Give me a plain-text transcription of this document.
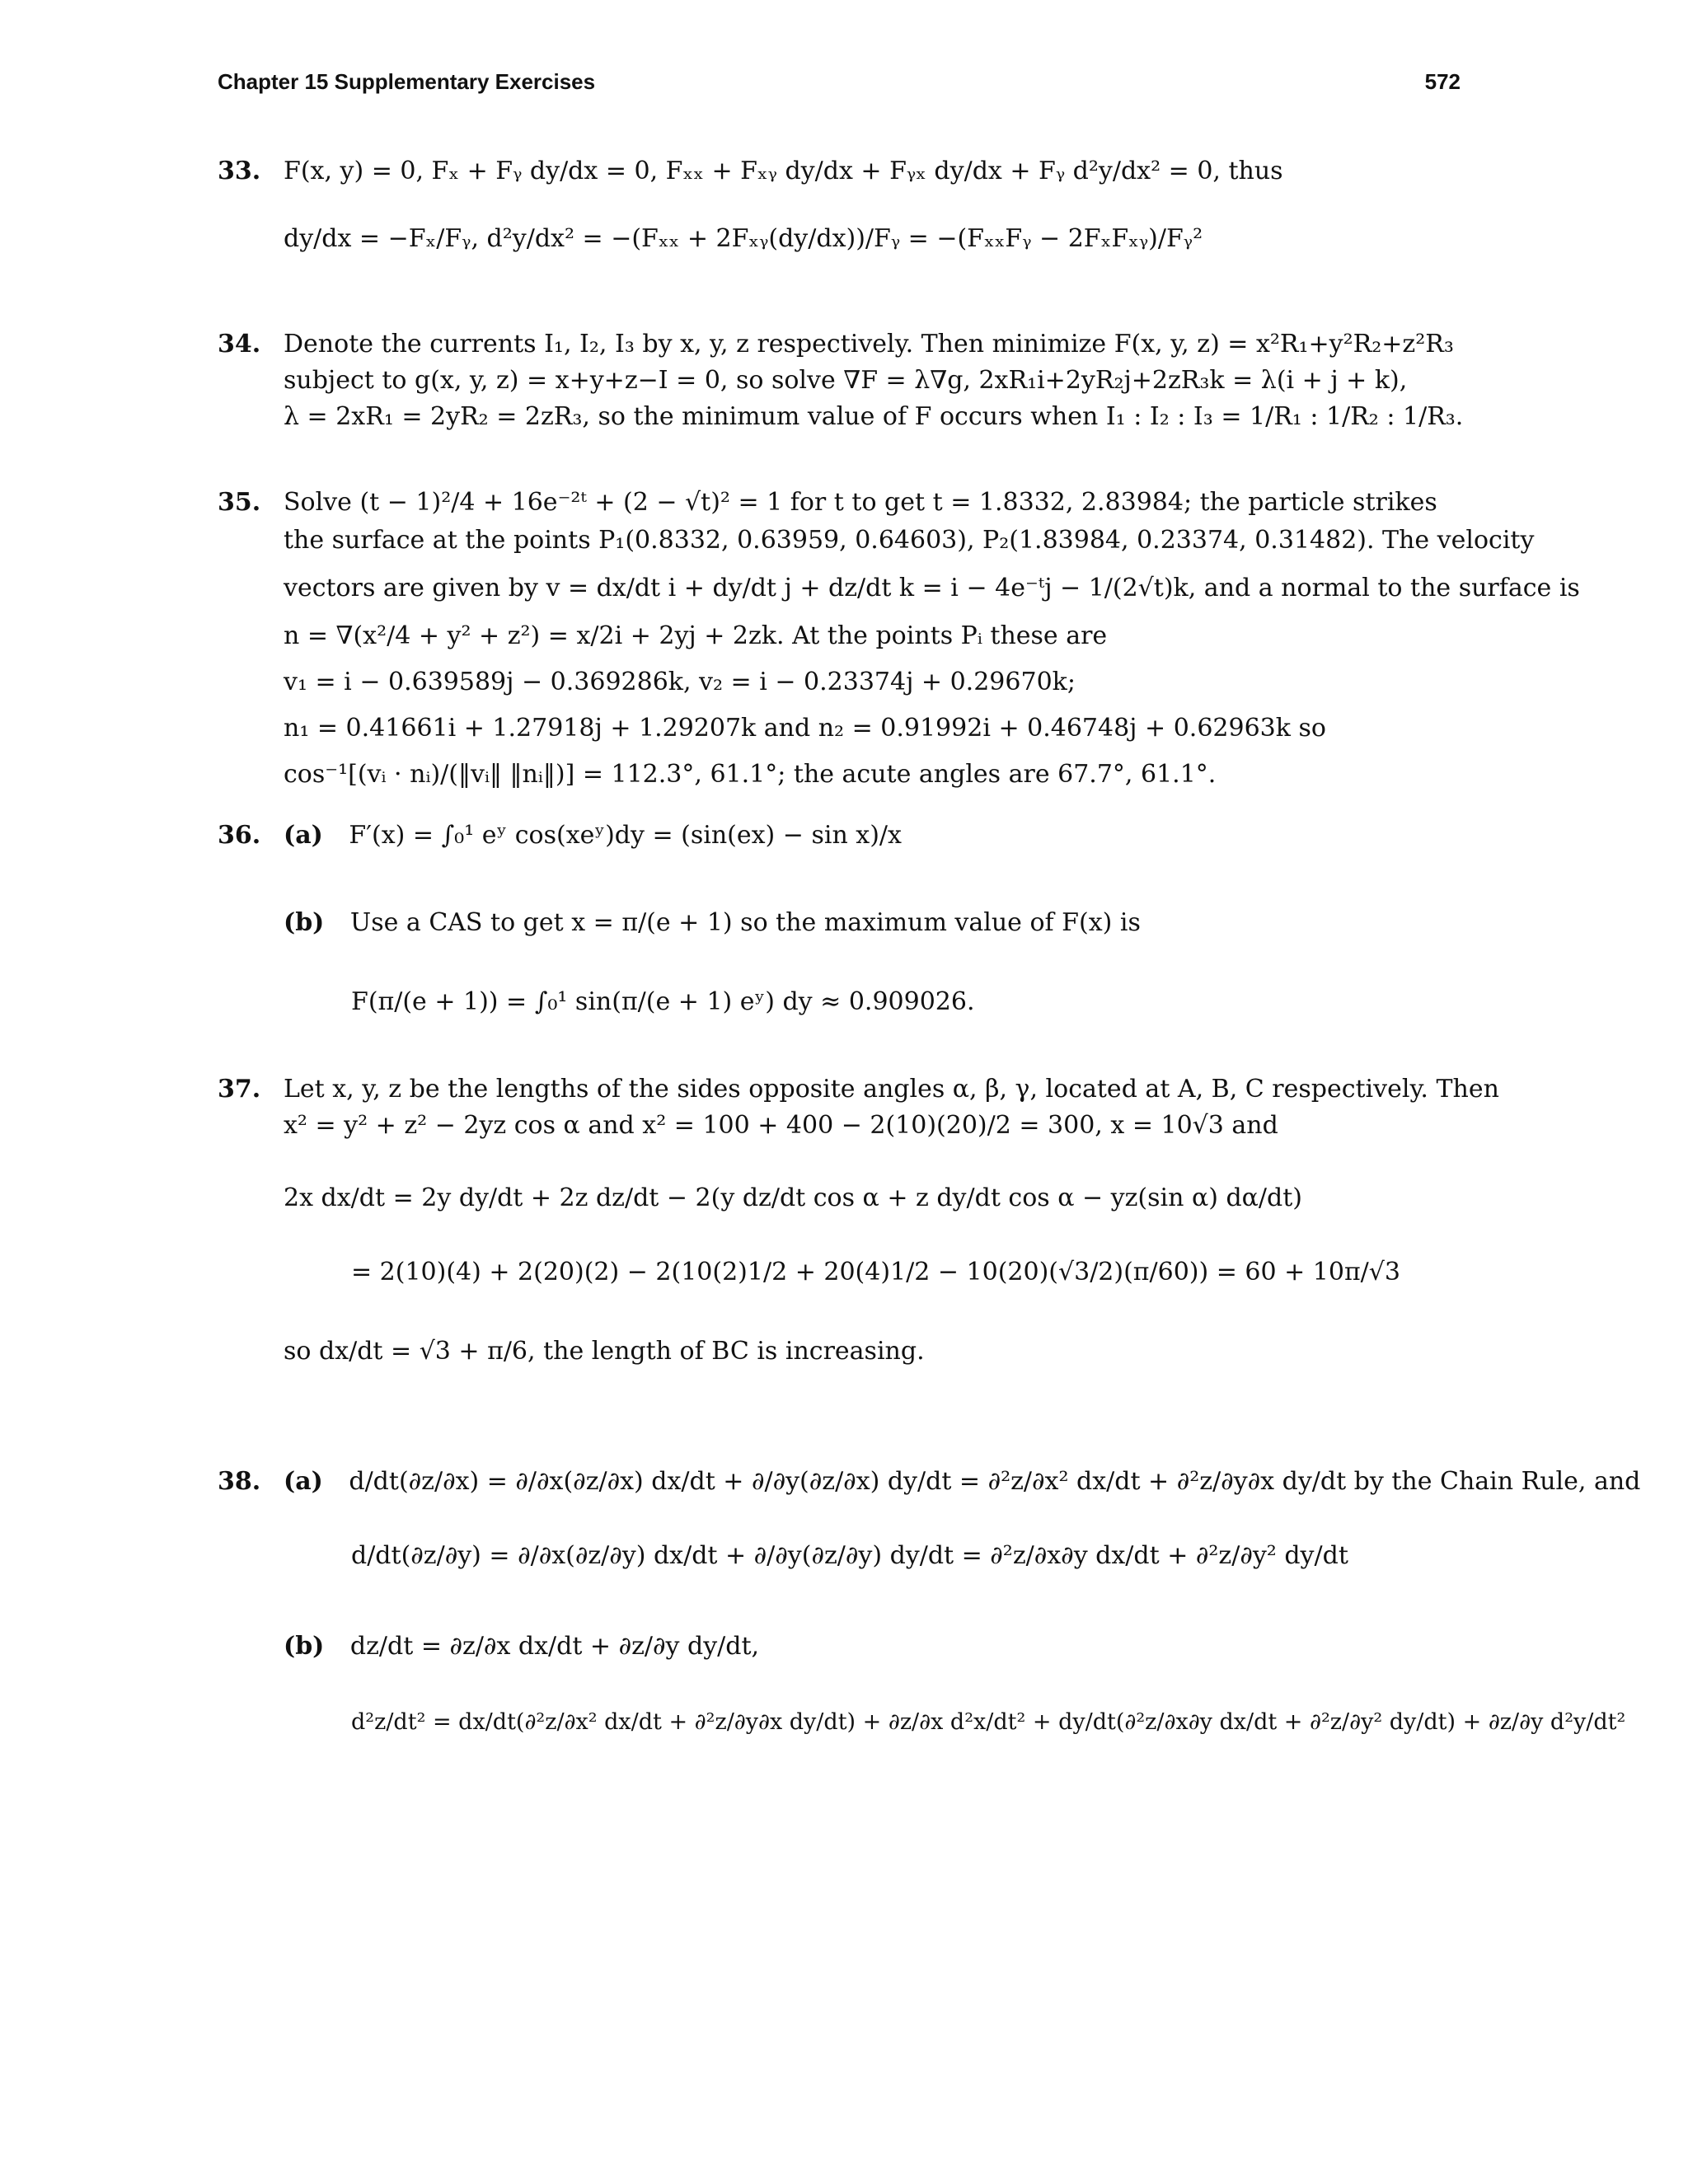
Chapter 15 Supplementary Exercises	572
33. F(x, y) = 0, Fₓ + Fᵧ dy/dx = 0, Fₓₓ + Fₓᵧ dy/dx + Fᵧₓ dy/dx + Fᵧ d²y/dx² = 0, thus
dy/dx = −Fₓ/Fᵧ, d²y/dx² = −(Fₓₓ + 2Fₓᵧ(dy/dx))/Fᵧ = −(FₓₓFᵧ − 2FₓFₓᵧ)/Fᵧ²
34. Denote the currents I₁, I₂, I₃ by x, y, z respectively. Then minimize F(x, y, z) = x²R₁+y²R₂+z²R₃
subject to g(x, y, z) = x+y+z−I = 0, so solve ∇F = λ∇g, 2xR₁i+2yR₂j+2zR₃k = λ(i + j + k),
λ = 2xR₁ = 2yR₂ = 2zR₃, so the minimum value of F occurs when I₁ : I₂ : I₃ = 1/R₁ : 1/R₂ : 1/R₃.
35. Solve (t − 1)²/4 + 16e⁻²ᵗ + (2 − √t)² = 1 for t to get t = 1.8332, 2.83984; the particle strikes
the surface at the points P₁(0.8332, 0.63959, 0.64603), P₂(1.83984, 0.23374, 0.31482). The velocity
vectors are given by v = dx/dt i + dy/dt j + dz/dt k = i − 4e⁻ᵗj − 1/(2√t)k, and a normal to the surface is
n = ∇(x²/4 + y² + z²) = x/2i + 2yj + 2zk. At the points Pᵢ these are
v₁ = i − 0.639589j − 0.369286k, v₂ = i − 0.23374j + 0.29670k;
n₁ = 0.41661i + 1.27918j + 1.29207k and n₂ = 0.91992i + 0.46748j + 0.62963k so
cos⁻¹[(vᵢ · nᵢ)/(‖vᵢ‖ ‖nᵢ‖)] = 112.3°, 61.1°; the acute angles are 67.7°, 61.1°.
36. (a) F′(x) = ∫₀¹ eʸ cos(xeʸ)dy = (sin(ex) − sin x)/x
(b) Use a CAS to get x = π/(e + 1) so the maximum value of F(x) is
F(π/(e + 1)) = ∫₀¹ sin(π/(e + 1) eʸ) dy ≈ 0.909026.
37. Let x, y, z be the lengths of the sides opposite angles α, β, γ, located at A, B, C respectively. Then
x² = y² + z² − 2yz cos α and x² = 100 + 400 − 2(10)(20)/2 = 300, x = 10√3 and
2x dx/dt = 2y dy/dt + 2z dz/dt − 2(y dz/dt cos α + z dy/dt cos α − yz(sin α) dα/dt)
= 2(10)(4) + 2(20)(2) − 2(10(2)1/2 + 20(4)1/2 − 10(20)(√3/2)(π/60)) = 60 + 10π/√3
so dx/dt = √3 + π/6, the length of BC is increasing.
38. (a) d/dt(∂z/∂x) = ∂/∂x(∂z/∂x) dx/dt + ∂/∂y(∂z/∂x) dy/dt = ∂²z/∂x² dx/dt + ∂²z/∂y∂x dy/dt by the Chain Rule, and
d/dt(∂z/∂y) = ∂/∂x(∂z/∂y) dx/dt + ∂/∂y(∂z/∂y) dy/dt = ∂²z/∂x∂y dx/dt + ∂²z/∂y² dy/dt
(b) dz/dt = ∂z/∂x dx/dt + ∂z/∂y dy/dt,
d²z/dt² = dx/dt(∂²z/∂x² dx/dt + ∂²z/∂y∂x dy/dt) + ∂z/∂x d²x/dt² + dy/dt(∂²z/∂x∂y dx/dt + ∂²z/∂y² dy/dt) + ∂z/∂y d²y/dt²
